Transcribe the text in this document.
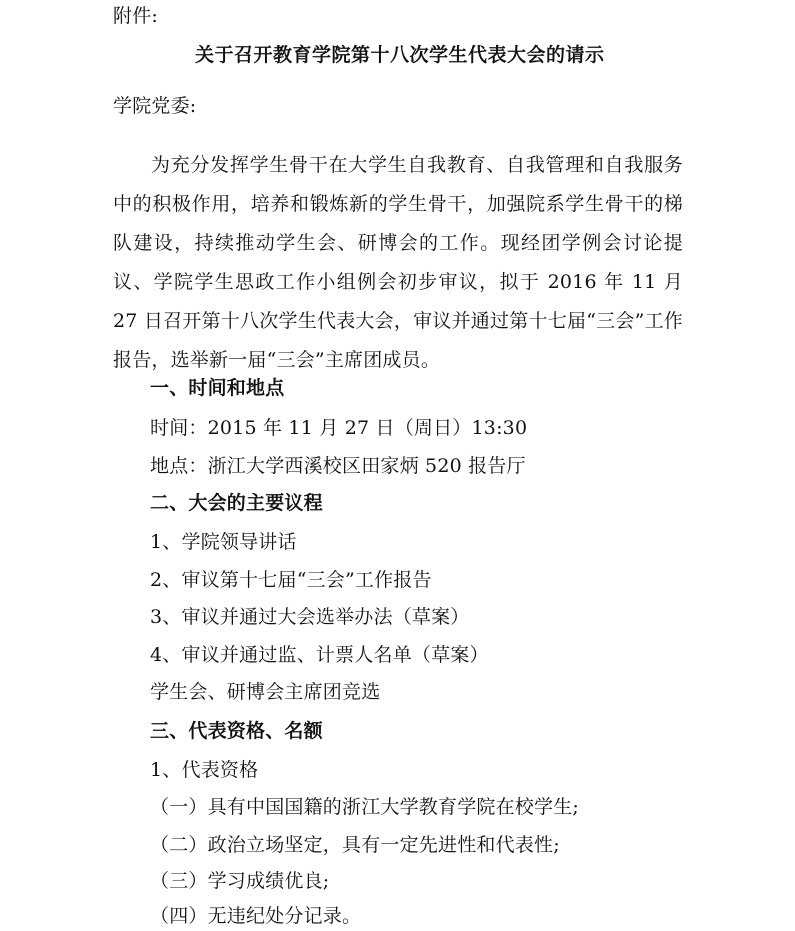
附件:
关于召开教育学院第十八次学生代表大会的请示
学院党委:
为充分发挥学生骨干在大学生自我教育、自我管理和自我服务中的积极作用，培养和锻炼新的学生骨干，加强院系学生骨干的梯队建设，持续推动学生会、研博会的工作。现经团学例会讨论提议、学院学生思政工作小组例会初步审议，拟于 2016 年 11 月 27 日召开第十八次学生代表大会，审议并通过第十七届“三会”工作报告，选举新一届“三会”主席团成员。
一、时间和地点
时间：2015 年 11 月 27 日（周日）13:30
地点：浙江大学西溪校区田家炳 520 报告厅
二、大会的主要议程
1、学院领导讲话
2、审议第十七届“三会”工作报告
3、审议并通过大会选举办法（草案）
4、审议并通过监、计票人名单（草案）
学生会、研博会主席团竞选
三、代表资格、名额
1、代表资格
（一）具有中国国籍的浙江大学教育学院在校学生;
（二）政治立场坚定，具有一定先进性和代表性;
（三）学习成绩优良;
（四）无违纪处分记录。
